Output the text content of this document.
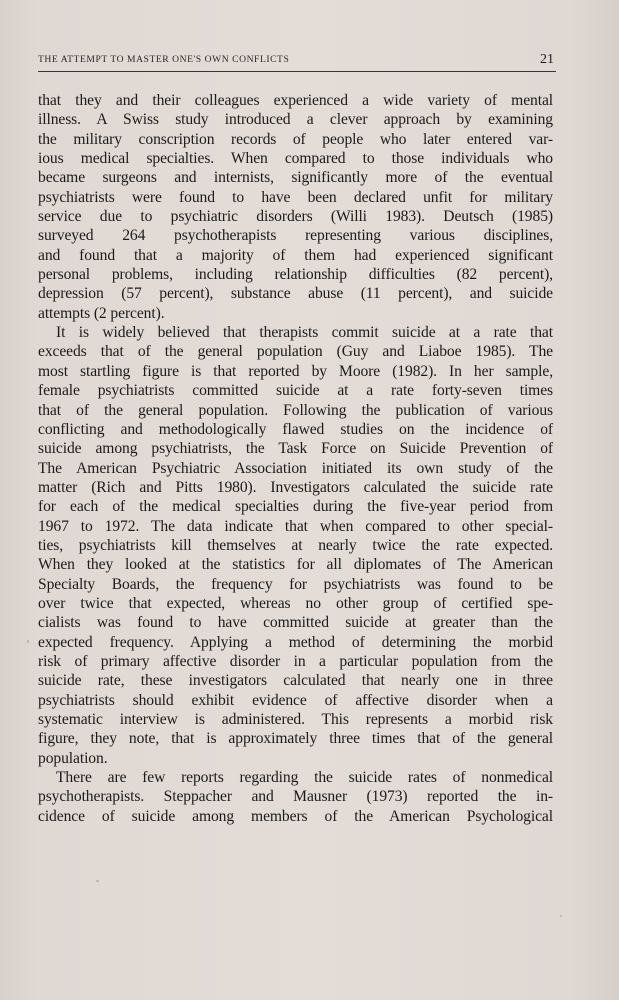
THE ATTEMPT TO MASTER ONE'S OWN CONFLICTS	21
that they and their colleagues experienced a wide variety of mental
illness. A Swiss study introduced a clever approach by examining
the military conscription records of people who later entered var-
ious medical specialties. When compared to those individuals who
became surgeons and internists, significantly more of the eventual
psychiatrists were found to have been declared unfit for military
service due to psychiatric disorders (Willi 1983). Deutsch (1985)
surveyed 264 psychotherapists representing various disciplines,
and found that a majority of them had experienced significant
personal problems, including relationship difficulties (82 percent),
depression (57 percent), substance abuse (11 percent), and suicide
attempts (2 percent).
It is widely believed that therapists commit suicide at a rate that
exceeds that of the general population (Guy and Liaboe 1985). The
most startling figure is that reported by Moore (1982). In her sample,
female psychiatrists committed suicide at a rate forty-seven times
that of the general population. Following the publication of various
conflicting and methodologically flawed studies on the incidence of
suicide among psychiatrists, the Task Force on Suicide Prevention of
The American Psychiatric Association initiated its own study of the
matter (Rich and Pitts 1980). Investigators calculated the suicide rate
for each of the medical specialties during the five-year period from
1967 to 1972. The data indicate that when compared to other special-
ties, psychiatrists kill themselves at nearly twice the rate expected.
When they looked at the statistics for all diplomates of The American
Specialty Boards, the frequency for psychiatrists was found to be
over twice that expected, whereas no other group of certified spe-
cialists was found to have committed suicide at greater than the
expected frequency. Applying a method of determining the morbid
risk of primary affective disorder in a particular population from the
suicide rate, these investigators calculated that nearly one in three
psychiatrists should exhibit evidence of affective disorder when a
systematic interview is administered. This represents a morbid risk
figure, they note, that is approximately three times that of the general
population.
There are few reports regarding the suicide rates of nonmedical
psychotherapists. Steppacher and Mausner (1973) reported the in-
cidence of suicide among members of the American Psychological
